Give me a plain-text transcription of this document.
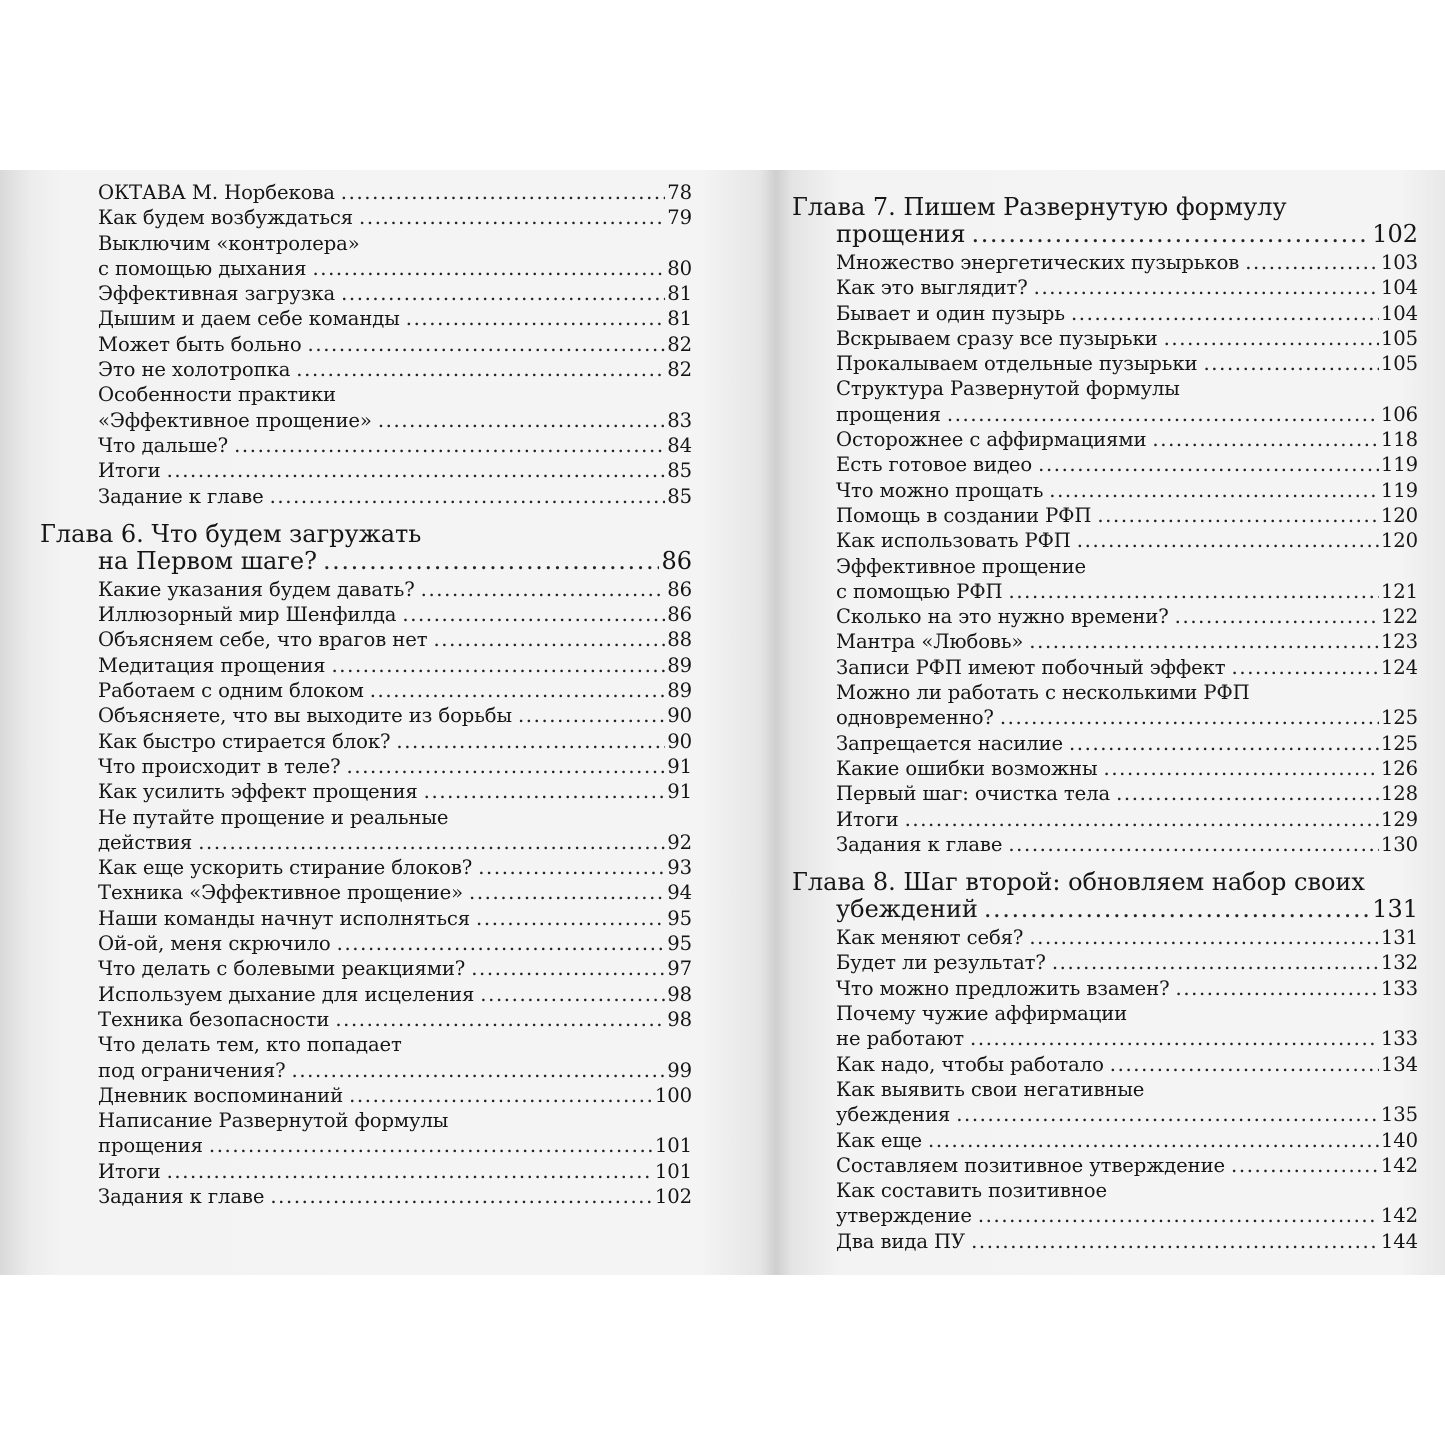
ОКТАВА М. Норбекова .....	78
Как будем возбуждаться .....	79
Выключим «контролера»
с помощью дыхания .....	80
Эффективная загрузка .....	81
Дышим и даем себе команды .....	81
Может быть больно .....	82
Это не холотропка .....	82
Особенности практики
«Эффективное прощение» .....	83
Что дальше? .....	84
Итоги .....	85
Задание к главе .....	85
Глава 6. Что будем загружать
на Первом шаге? .....	86
Какие указания будем давать? .....	86
Иллюзорный мир Шенфилда .....	86
Объясняем себе, что врагов нет .....	88
Медитация прощения .....	89
Работаем с одним блоком .....	89
Объясняете, что вы выходите из борьбы .....	90
Как быстро стирается блок? .....	90
Что происходит в теле? .....	91
Как усилить эффект прощения .....	91
Не путайте прощение и реальные
действия .....	92
Как еще ускорить стирание блоков? .....	93
Техника «Эффективное прощение» .....	94
Наши команды начнут исполняться .....	95
Ой-ой, меня скрючило .....	95
Что делать с болевыми реакциями? .....	97
Используем дыхание для исцеления .....	98
Техника безопасности .....	98
Что делать тем, кто попадает
под ограничения? .....	99
Дневник воспоминаний .....	100
Написание Развернутой формулы
прощения .....	101
Итоги .....	101
Задания к главе .....	102
Глава 7. Пишем Развернутую формулу
прощения .....	102
Множество энергетических пузырьков .....	103
Как это выглядит? .....	104
Бывает и один пузырь .....	104
Вскрываем сразу все пузырьки .....	105
Прокалываем отдельные пузырьки .....	105
Структура Развернутой формулы
прощения .....	106
Осторожнее с аффирмациями .....	118
Есть готовое видео .....	119
Что можно прощать .....	119
Помощь в создании РФП .....	120
Как использовать РФП .....	120
Эффективное прощение
с помощью РФП .....	121
Сколько на это нужно времени? .....	122
Мантра «Любовь» .....	123
Записи РФП имеют побочный эффект .....	124
Можно ли работать с несколькими РФП
одновременно? .....	125
Запрещается насилие .....	125
Какие ошибки возможны .....	126
Первый шаг: очистка тела .....	128
Итоги .....	129
Задания к главе .....	130
Глава 8. Шаг второй: обновляем набор своих
убеждений .....	131
Как меняют себя? .....	131
Будет ли результат? .....	132
Что можно предложить взамен? .....	133
Почему чужие аффирмации
не работают .....	133
Как надо, чтобы работало .....	134
Как выявить свои негативные
убеждения .....	135
Как еще .....	140
Составляем позитивное утверждение .....	142
Как составить позитивное
утверждение .....	142
Два вида ПУ .....	144
